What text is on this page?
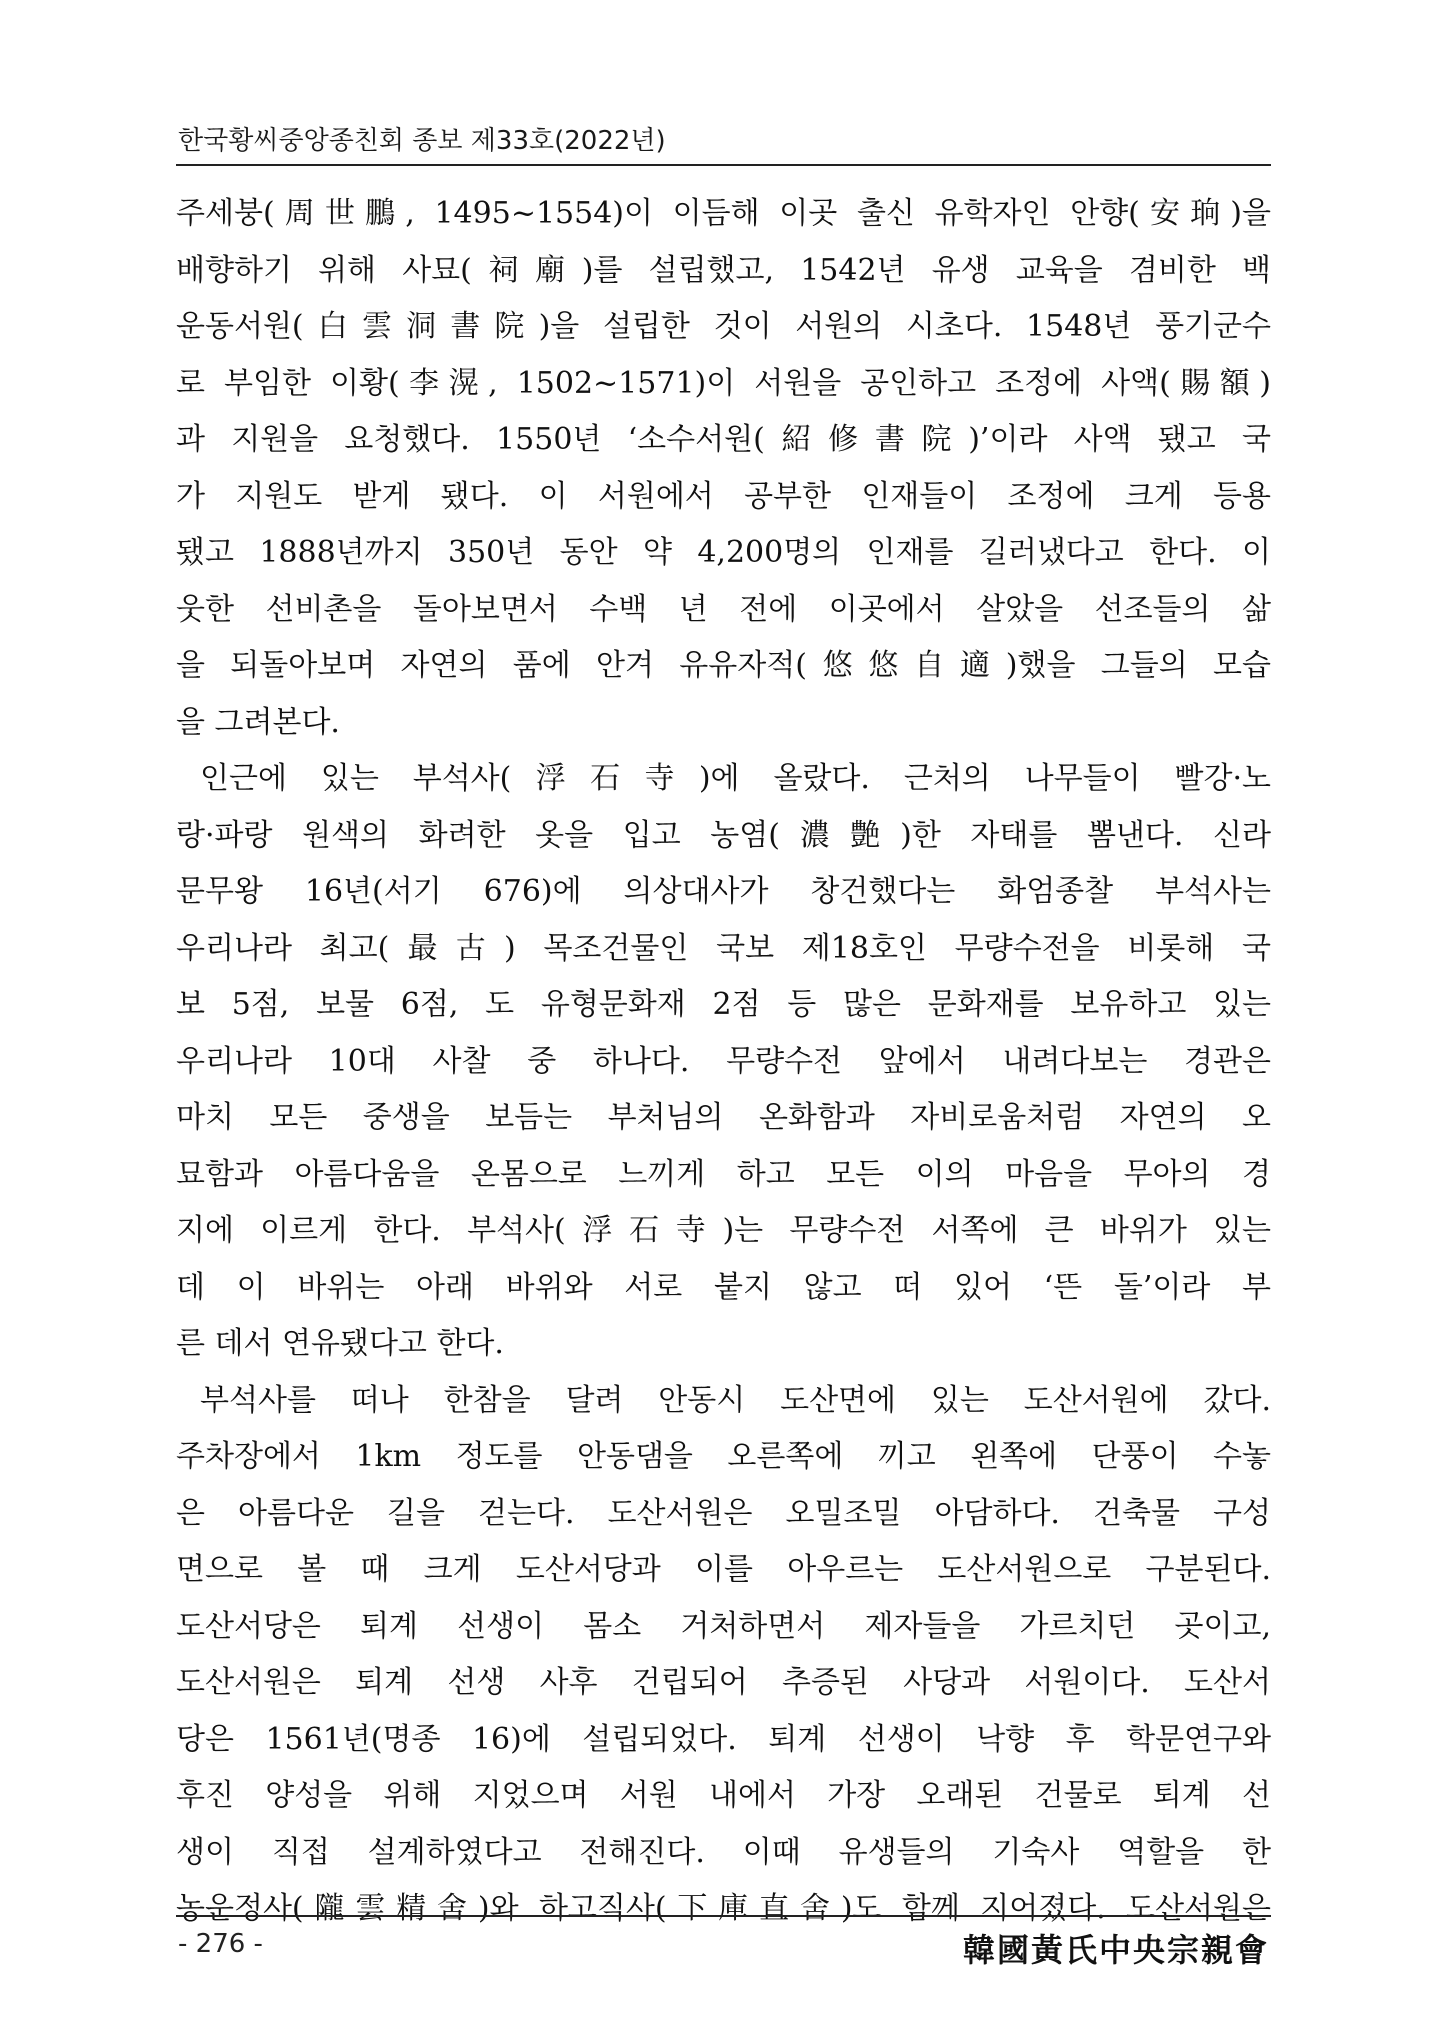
한국황씨중앙종친회 종보 제33호(2022년)
주세붕(周世鵬, 1495~1554)이 이듬해 이곳 출신 유학자인 안향(安珦)을
배향하기 위해 사묘(祠廟)를 설립했고, 1542년 유생 교육을 겸비한 백
운동서원(白雲洞書院)을 설립한 것이 서원의 시초다. 1548년 풍기군수
로 부임한 이황(李滉, 1502~1571)이 서원을 공인하고 조정에 사액(賜額)
과 지원을 요청했다. 1550년 ‘소수서원(紹修書院)’이라 사액 됐고 국
가 지원도 받게 됐다. 이 서원에서 공부한 인재들이 조정에 크게 등용
됐고 1888년까지 350년 동안 약 4,200명의 인재를 길러냈다고 한다. 이
웃한 선비촌을 돌아보면서 수백 년 전에 이곳에서 살았을 선조들의 삶
을 되돌아보며 자연의 품에 안겨 유유자적(悠悠自適)했을 그들의 모습
을 그려본다.
인근에 있는 부석사(浮石寺)에 올랐다. 근처의 나무들이 빨강·노
랑·파랑 원색의 화려한 옷을 입고 농염(濃艶)한 자태를 뽐낸다. 신라
문무왕 16년(서기 676)에 의상대사가 창건했다는 화엄종찰 부석사는
우리나라 최고(最古) 목조건물인 국보 제18호인 무량수전을 비롯해 국
보 5점, 보물 6점, 도 유형문화재 2점 등 많은 문화재를 보유하고 있는
우리나라 10대 사찰 중 하나다. 무량수전 앞에서 내려다보는 경관은
마치 모든 중생을 보듬는 부처님의 온화함과 자비로움처럼 자연의 오
묘함과 아름다움을 온몸으로 느끼게 하고 모든 이의 마음을 무아의 경
지에 이르게 한다. 부석사(浮石寺)는 무량수전 서쪽에 큰 바위가 있는
데 이 바위는 아래 바위와 서로 붙지 않고 떠 있어 ‘뜬 돌’이라 부
른 데서 연유됐다고 한다.
부석사를 떠나 한참을 달려 안동시 도산면에 있는 도산서원에 갔다.
주차장에서 1km 정도를 안동댐을 오른쪽에 끼고 왼쪽에 단풍이 수놓
은 아름다운 길을 걷는다. 도산서원은 오밀조밀 아담하다. 건축물 구성
면으로 볼 때 크게 도산서당과 이를 아우르는 도산서원으로 구분된다.
도산서당은 퇴계 선생이 몸소 거처하면서 제자들을 가르치던 곳이고,
도산서원은 퇴계 선생 사후 건립되어 추증된 사당과 서원이다. 도산서
당은 1561년(명종 16)에 설립되었다. 퇴계 선생이 낙향 후 학문연구와
후진 양성을 위해 지었으며 서원 내에서 가장 오래된 건물로 퇴계 선
생이 직접 설계하였다고 전해진다. 이때 유생들의 기숙사 역할을 한
농운정사(隴雲精舍)와 하고직사(下庫直舍)도 함께 지어졌다. 도산서원은
- 276 -	韓國黃氏中央宗親會
